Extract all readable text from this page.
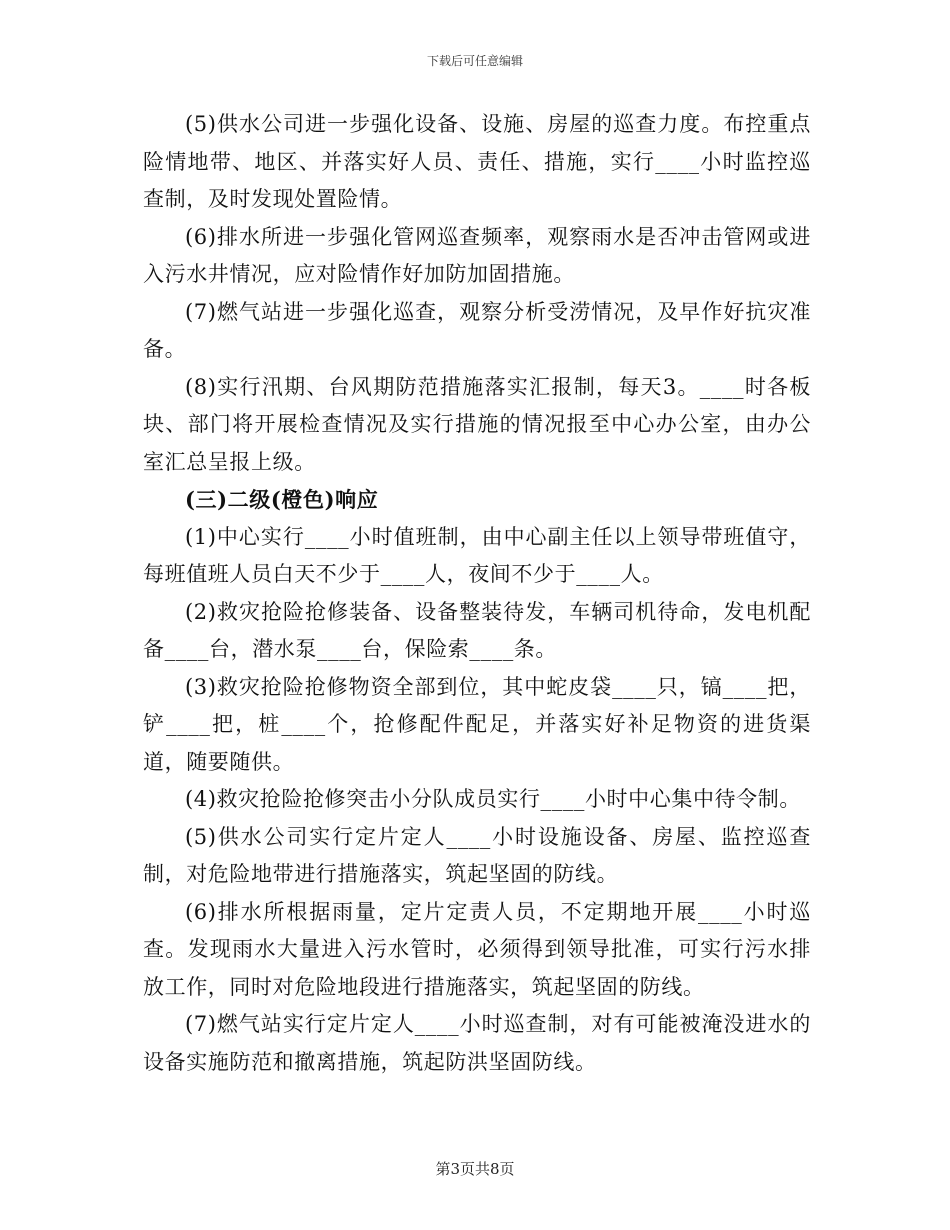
下载后可任意编辑

(5)供水公司进一步强化设备、设施、房屋的巡查力度。布控重点险情地带、地区、并落实好人员、责任、措施，实行____小时监控巡查制，及时发现处置险情。

(6)排水所进一步强化管网巡查频率，观察雨水是否冲击管网或进入污水井情况，应对险情作好加防加固措施。

(7)燃气站进一步强化巡查，观察分析受涝情况，及早作好抗灾准备。

(8)实行汛期、台风期防范措施落实汇报制，每天3。____时各板块、部门将开展检查情况及实行措施的情况报至中心办公室，由办公室汇总呈报上级。

(三)二级(橙色)响应

(1)中心实行____小时值班制，由中心副主任以上领导带班值守，每班值班人员白天不少于____人，夜间不少于____人。

(2)救灾抢险抢修装备、设备整装待发，车辆司机待命，发电机配备____台，潜水泵____台，保险索____条。

(3)救灾抢险抢修物资全部到位，其中蛇皮袋____只，镐____把，铲____把，桩____个，抢修配件配足，并落实好补足物资的进货渠道，随要随供。

(4)救灾抢险抢修突击小分队成员实行____小时中心集中待令制。

(5)供水公司实行定片定人____小时设施设备、房屋、监控巡查制，对危险地带进行措施落实，筑起坚固的防线。

(6)排水所根据雨量，定片定责人员，不定期地开展____小时巡查。发现雨水大量进入污水管时，必须得到领导批准，可实行污水排放工作，同时对危险地段进行措施落实，筑起坚固的防线。

(7)燃气站实行定片定人____小时巡查制，对有可能被淹没进水的设备实施防范和撤离措施，筑起防洪坚固防线。

第3页共8页
